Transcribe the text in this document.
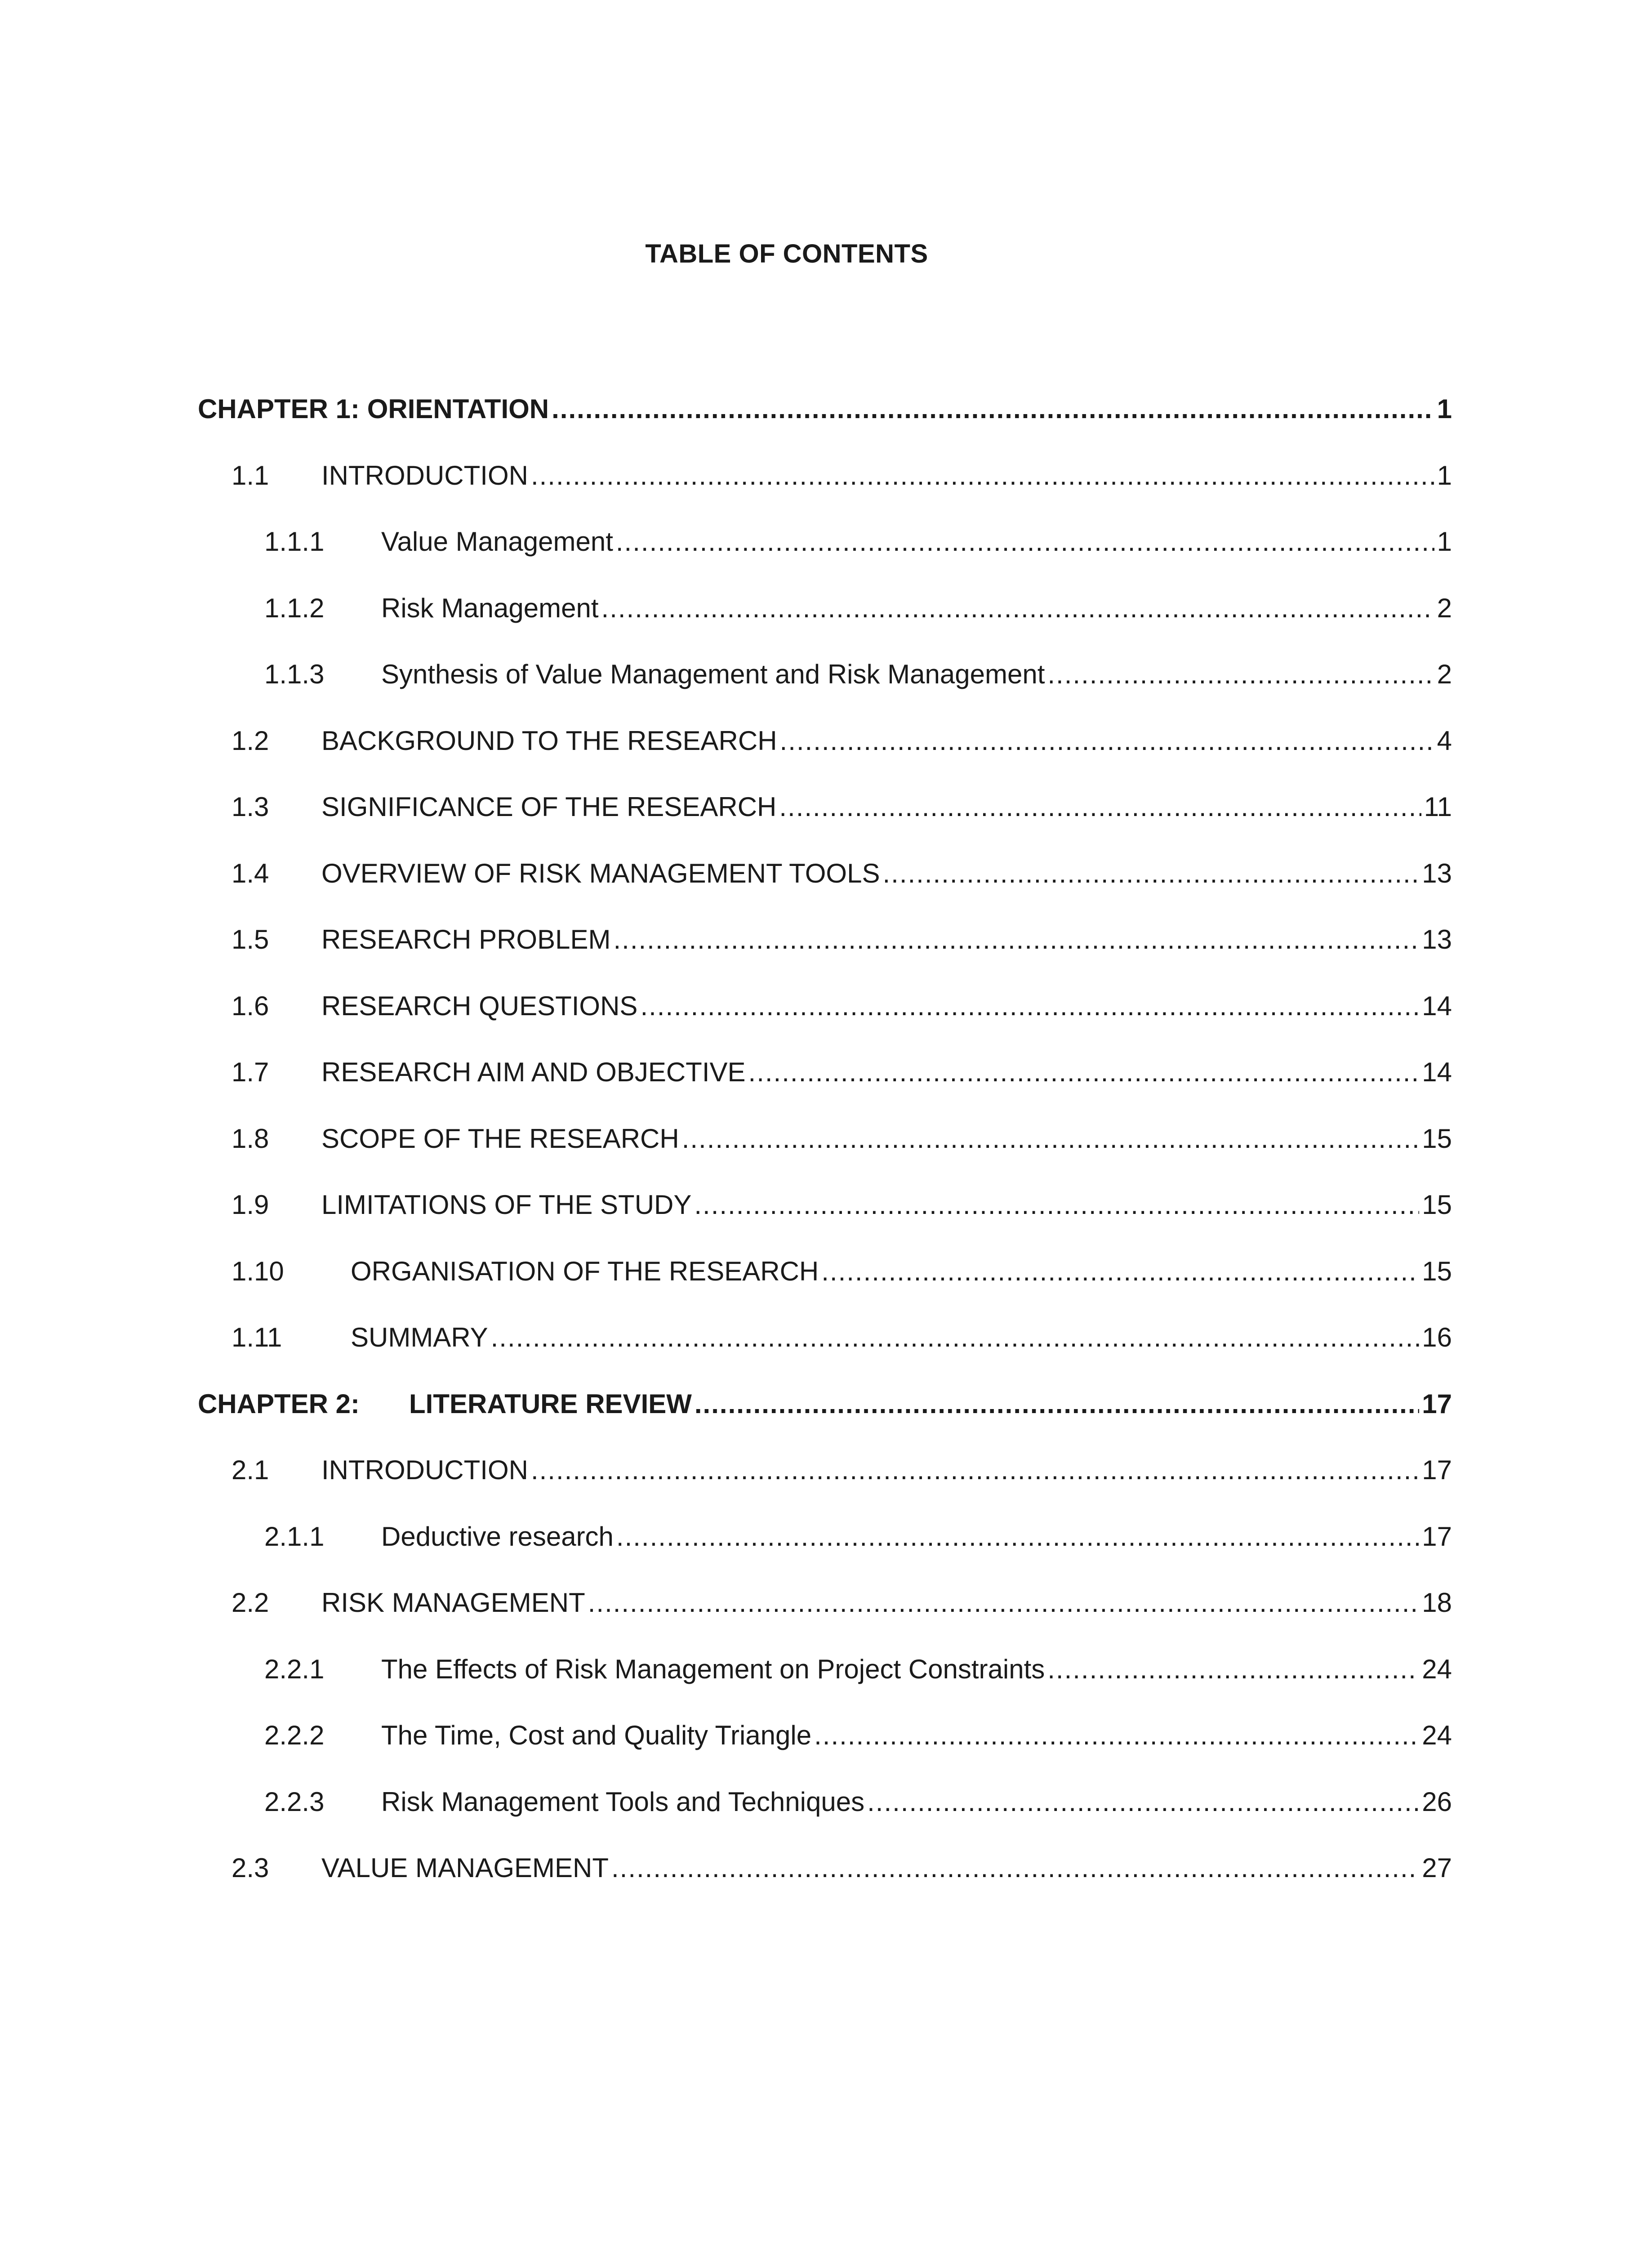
TABLE OF CONTENTS
CHAPTER 1: ORIENTATION .....	1
1.1	INTRODUCTION .....	1
1.1.1	Value Management .....	1
1.1.2	Risk Management .....	2
1.1.3	Synthesis of Value Management and Risk Management .....	2
1.2	BACKGROUND TO THE RESEARCH .....	4
1.3	SIGNIFICANCE OF THE RESEARCH .....	11
1.4	OVERVIEW OF RISK MANAGEMENT TOOLS .....	13
1.5	RESEARCH PROBLEM .....	13
1.6	RESEARCH QUESTIONS .....	14
1.7	RESEARCH AIM AND OBJECTIVE .....	14
1.8	SCOPE OF THE RESEARCH .....	15
1.9	LIMITATIONS OF THE STUDY .....	15
1.10	ORGANISATION OF THE RESEARCH .....	15
1.11	SUMMARY .....	16
CHAPTER 2:	LITERATURE REVIEW .....	17
2.1	INTRODUCTION .....	17
2.1.1	Deductive research .....	17
2.2	RISK MANAGEMENT .....	18
2.2.1	The Effects of Risk Management on Project Constraints .....	24
2.2.2	The Time, Cost and Quality Triangle .....	24
2.2.3	Risk Management Tools and Techniques .....	26
2.3	VALUE MANAGEMENT .....	27
